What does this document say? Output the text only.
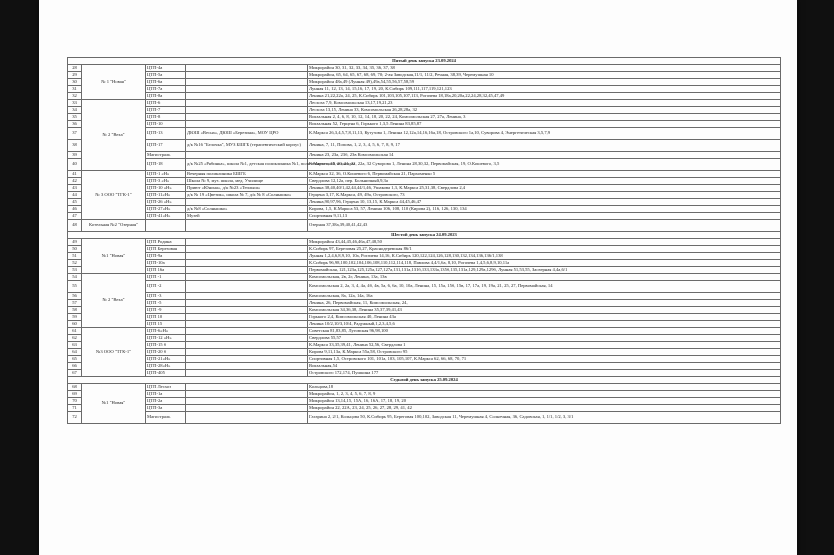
Пятый день запуска 23.09.2024				
28	№ 1 "Новая"	ЦТП-4а		Микрорайон 30, 31, 32, 33, 34, 35, 36, 37, 38
29		ЦТП-5а		Микрорайон, 65, 64, 65, 67, 68, 69, 70; 2-ая Заводская,11/1, 11/2, Речная, 38,39, Черемушная 10
30		ЦТП-6а		Микрорайон 48а,49 (Лунная 49),49а,54,55,56,57,58,59
31		ЦТП-7а		Лунная 11, 12, 13, 14, 15,16, 17, 19, 20, К.Сибирь 109,111,117,119,121,123
32		ЦТП-8а		Ленина 21,22,22а, 24, 25, К.Сибирь 101,103,105,107,113, Рогачева 18,18а,20,20а,22,24,28,32,45,47,49
33	№ 2 "Веха"	ЦТП-6		Лесхоза 7,9, Комсомольская 13,17,19,21,23
34		ЦТП-7		Лесхоза 13,15, Ленина 33, Комсомольская 26,28,28а, 32
35		ЦТП-8		Вокзальная 2, 4, 6, 8, 10, 12, 14, 18, 20, 22, 24, Комсомольская 27, 27а, Ленина, 3
36		ЦТП-10		Вокзальная 52, Герцена 6, Горького 1,3,5 Ленина 83,85,87
37		ЦТП-13	ДЮШ «Весна», ДЮШ «Березина», МОУ ЦРО	К.Маркса 26,3,4,5,7,8,11,13, Кутузова 1, Ленина 12,12а,14,16,16а,18, Островского 1а,10, Суворова 4, Энергетическая 3,5,7,9
38		ЦТП-17	д/к №16 "Белочка", МУЗ БШГБ (терапевтический корпус)	Ленина, 7, 11, Попова, 1, 2, 3, 4, 5, 6, 7, 8, 9, 17
39		Магистраль		Ленина 23, 23а, 23б, 23в Комсомольская 14
40		ЦТП-18	д/к №25 «Рябинка», школа №1, детская поликлиника №1, политехнический техникум	К.Маркса, 15, 20, 21, 22, 22а, 32 Суворова 1, Ленина 28,30,32, Первомайская, 19, О.Кошевого, 3,5
41	№ 3 ООО "ТГК-1"	ЦТП-1 «Н»	Вечерняя поликлиника БШГБ	К.Маркса 32, 36, О.Кошевого 6, Первомайская 21, Пархоменко 5
42		ЦТП-3 «Н»	Школа № 9, муз. школа, мед. Училище	Свердлова 12,12а, пер. Больничный,9,3а
43		ЦТП-10 «Н»	Приют «Юнона», д/к №23 «Теплыш»	Ленина 38,40,40/1,42,44,44/1,46, Ушакова 1,3, К.Маркса 25,31,38, Свердлова 2,4
44		ЦТП-11«Н»	д/к № 19 «Цветик», школа № 7, д/к № 8 «Солнышко»	Герцена 3,17, К.Маркса, 49, 49а, Островского, 73
45		ЦТП-26 «Н»		Ленина,90,97,96, Герцена 10, 13,15, К.Маркса 44,45,46,47
46		ЦТП-27«Н»	д/к №8 «Солнышко»	Кирова, 1,5, К.Маркса 53, 57, Ленина 106, 108, 110 (Кирова 2), 116, 126, 130, 134
47		ЦТП-41«Н»	Музей	Спортивная 9,11,13
48	Котельная №2 "Озерная"			Озерная 37,38а,39,40,41,42,43
Шестой день запуска 24.09.2023				
49	№1 "Новая"	ЦТП Родина		Микрорайон 43,44,45,46,46а,47,48,50
50		ЦТП Березовая		К.Сибирь 97, Березовая 25,27, Краснодеревская 86/1
51		ЦТП-9а		Лунная 1,2,4,6,8,9,10, 10а, Рогачева 14,16, К.Сибирь 120,122,124,126,128,130,132,134,136,136/1,138
52		ЦТП-10а		К.Сибирь 96,98,100,102,104,106,108,110,112,114,118, Павлова 4,4/1,6а, 8,10, Рогачева 1,4,5,6,8,9,10,11а
53		ЦТП 16а		Первомайская, 121,123а,125,125а,127,127а,131,131а,131б,133,133а,135б,135,131а,129,129а,129б, Лунная 51,53,55, Заозерная 4,4а,6/1
54	№ 2 "Веха"	ЦТП -1		Комсомольская, 2в, 2г, Ленина, 13а, 13в
55		ЦТП -2		Комсомольская 2, 2а, 3, 4, 4а, 4б, 4в, 5а, 6, 6а, 10, 10а, Ленина, 15, 15а, 15б, 15в, 17, 17а, 19, 19а, 21, 25, 27, Первомайская, 14
56		ЦТП -3		Комсомольская, 8а, 12а, 14а, 16а
57		ЦТП -5		Ленина, 26, Первомайская, 11, Комсомольская, 24,
58		ЦТП -9		Комсомольская 34,36,38, Ленина 35,37,39,41,43
59		ЦТП 10		Горького 2,4, Комсомольская 40, Ленина 43а
60		ЦТП 15		Ленина 10/2,10/3,10/4, Радужный,1,2,3,4,5,6
61	№3 ООО "ТГК-1"	ЦТП-6«Н»		Советская 81,83,85, Луговская 96,98,100
62		ЦТП-12 «Н»		Свердлова 55,57
63		ЦТП-15 б		К.Маркса 33,35,39,41, Ленина 52,56, Свердлова 1
64		ЦТП-20 б		Кирова 9,11,13а, К.Маркса 55а,58, Островского 95
65		ЦТП-21«Н»		Спортивная 1,5, Островского 101, 101а, 103, 105,107, К.Маркса 62, 66, 68, 70, 71
66		ЦТП-28«Н»		Вокзальная,54
67		ЦТП-405		Островского 172,174, Пушкина 177
Седьмой день запуска 25.09.2024				
68	№1 "Новая"	ЦТП Лесхоз		Кольцова,18
69		ЦТП-1а		Микрорайон, 1, 2, 3, 4, 5, 6, 7, 8, 9
70		ЦТП-2а		Микрорайон 13,14,15, 15А, 16, 16А, 17, 18, 19, 20
71		ЦТП-3а		Микрорайон 22, 22А, 23, 24, 25, 26, 27, 28, 29, 41, 42
72		Магистраль		Гагарина 2, 2/1, Кольцова 50, К.Сибирь 95, Береговая 100,102, Заводская 11, Черемушная 4, Солнечная, 36, Садовская, 1, 1/1, 1/2, 3, 3/1
